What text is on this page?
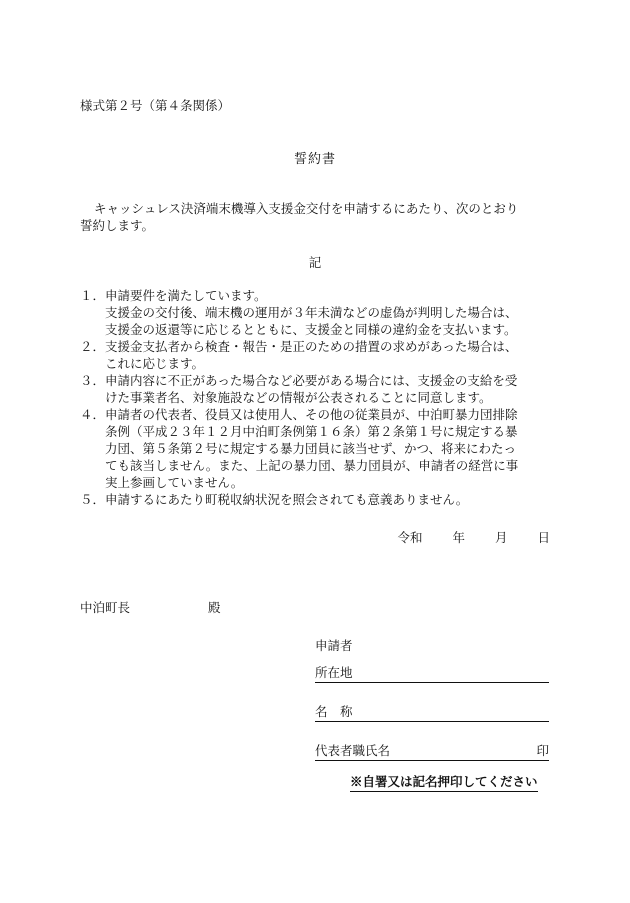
様式第２号（第４条関係）

誓約書

キャッシュレス決済端末機導入支援金交付を申請するにあたり、次のとおり

誓約します。

記

１． 申請要件を満たしています。
支援金の交付後、端末機の運用が３年未満などの虚偽が判明した場合は、
支援金の返還等に応じるとともに、支援金と同様の違約金を支払います。
２． 支援金支払者から検査・報告・是正のための措置の求めがあった場合は、
これに応じます。
３． 申請内容に不正があった場合など必要がある場合には、支援金の支給を受
けた事業者名、対象施設などの情報が公表されることに同意します。
４． 申請者の代表者、役員又は使用人、その他の従業員が、中泊町暴力団排除
条例（平成２３年１２月中泊町条例第１６条）第２条第１号に規定する暴
力団、第５条第２号に規定する暴力団員に該当せず、かつ、将来にわたっ
ても該当しません。また、上記の暴力団、暴力団員が、申請者の経営に事
実上参画していません。
５． 申請するにあたり町税収納状況を照会されても意義ありません。

令和 年 月 日

中泊町長	殿

申請者

所在地
名　称
代表者職氏名	印

※自署又は記名押印してください
